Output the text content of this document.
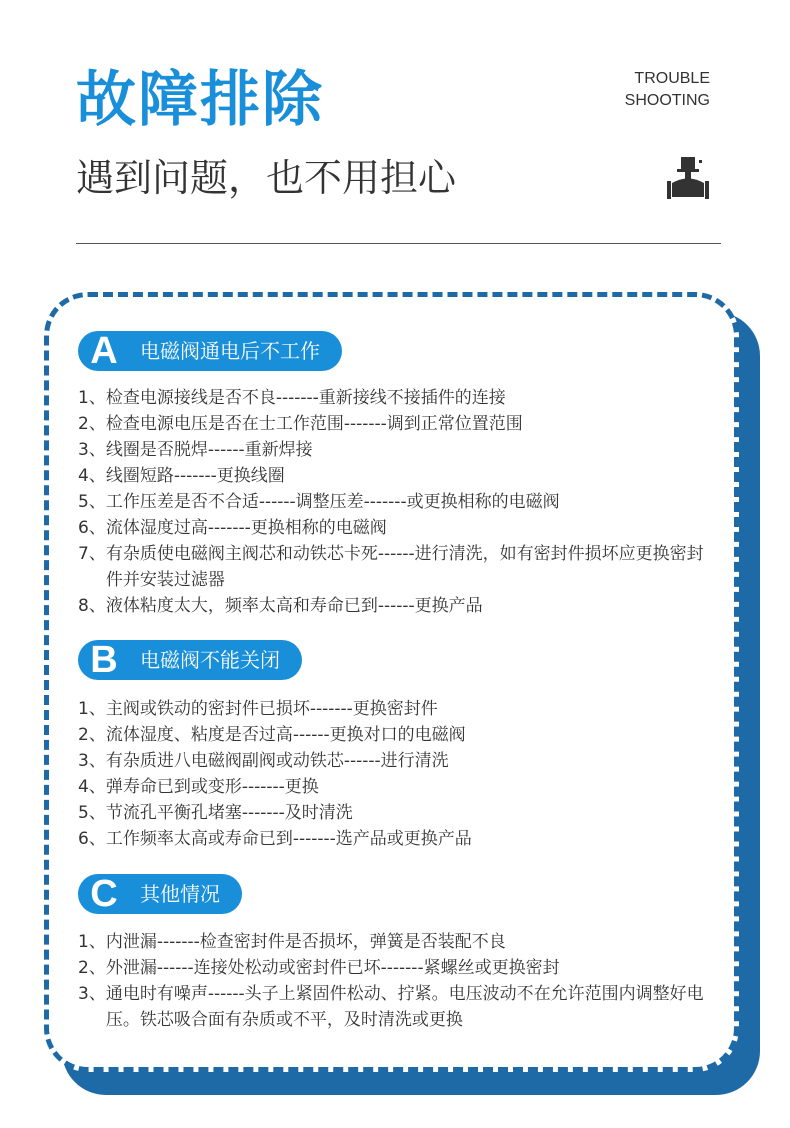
故障排除	TROUBLE
SHOOTING
遇到问题，也不用担心
A	电磁阀通电后不工作
1、 检查电源接线是否不良-------重新接线不接插件的连接
2、 检查电源电压是否在士工作范围-------调到正常位置范围
3、 线圈是否脱焊------重新焊接
4、 线圈短路-------更换线圈
5、 工作压差是否不合适------调整压差-------或更换相称的电磁阀
6、 流体湿度过高-------更换相称的电磁阀
7、 有杂质使电磁阀主阀芯和动铁芯卡死------进行清洗，如有密封件损坏应更换密封件并安装过滤器
8、 液体粘度太大，频率太高和寿命已到------更换产品
B	电磁阀不能关闭
1、 主阀或铁动的密封件已损坏-------更换密封件
2、 流体湿度、粘度是否过高------更换对口的电磁阀
3、 有杂质进八电磁阀副阀或动铁芯------进行清洗
4、 弹寿命已到或变形-------更换
5、 节流孔平衡孔堵塞-------及时清洗
6、 工作频率太高或寿命已到-------选产品或更换产品
C	其他情况
1、 内泄漏-------检查密封件是否损坏，弹簧是否装配不良
2、 外泄漏------连接处松动或密封件已坏-------紧螺丝或更换密封
3、 通电时有噪声------头子上紧固件松动、拧紧。电压波动不在允许范围内调整好电压。铁芯吸合面有杂质或不平，及时清洗或更换
